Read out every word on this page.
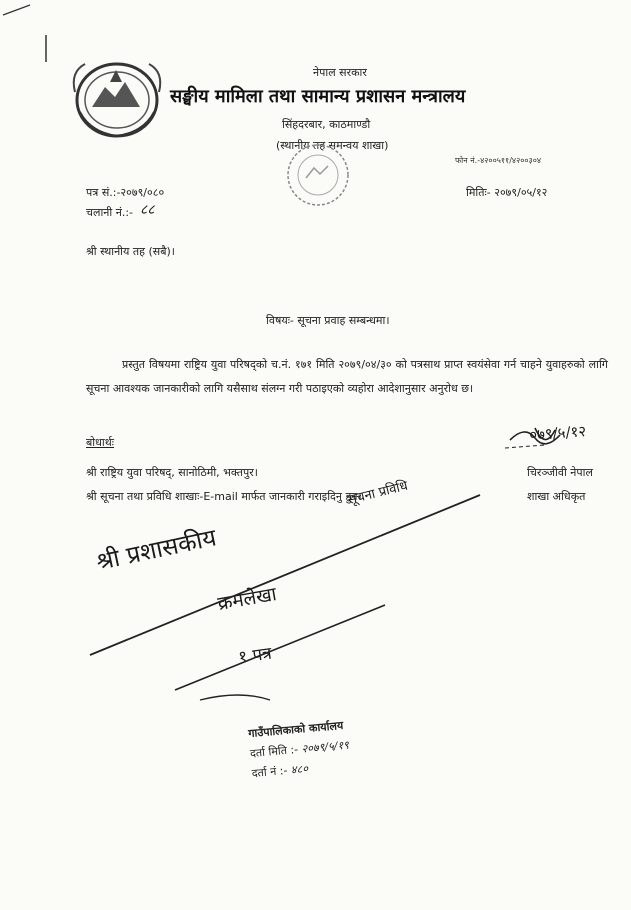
नेपाल सरकार
सङ्घीय मामिला तथा सामान्य प्रशासन मन्त्रालय
सिंहदरबार, काठमाण्डौ
(स्थानीय तह समन्वय शाखा)
फोन नं.-४२००५११/४२००३०४
पत्र सं.:-२०७९/०८०
चलानी नं.:- ८८
मितिः- २०७९/०५/१२
श्री स्थानीय तह (सबै)।
विषयः- सूचना प्रवाह सम्बन्धमा।
प्रस्तुत विषयमा राष्ट्रिय युवा परिषद्को च.नं. १७१ मिति २०७९/०४/३० को पत्रसाथ प्राप्त स्वयंसेवा गर्न चाहने युवाहरुको लागि सूचना आवश्यक जानकारीको लागि यसैसाथ संलग्न गरी पठाइएको व्यहोरा आदेशानुसार अनुरोध छ।
बोधार्थः
श्री राष्ट्रिय युवा परिषद्, सानोठिमी, भक्तपुर।
श्री सूचना तथा प्रविधि शाखाः-E-mail मार्फत जानकारी गराइदिनु हुन।
०७९/५/१२
चिरञ्जीवी नेपाल
शाखा अधिकृत
सूचना प्रविधि
श्री प्रशासकीय
क्रमलेखा
१ पत्र
गाउँपालिकाको कार्यालय
दर्ता मिति :- २०७९/५/१९
दर्ता नं :- ४८०
